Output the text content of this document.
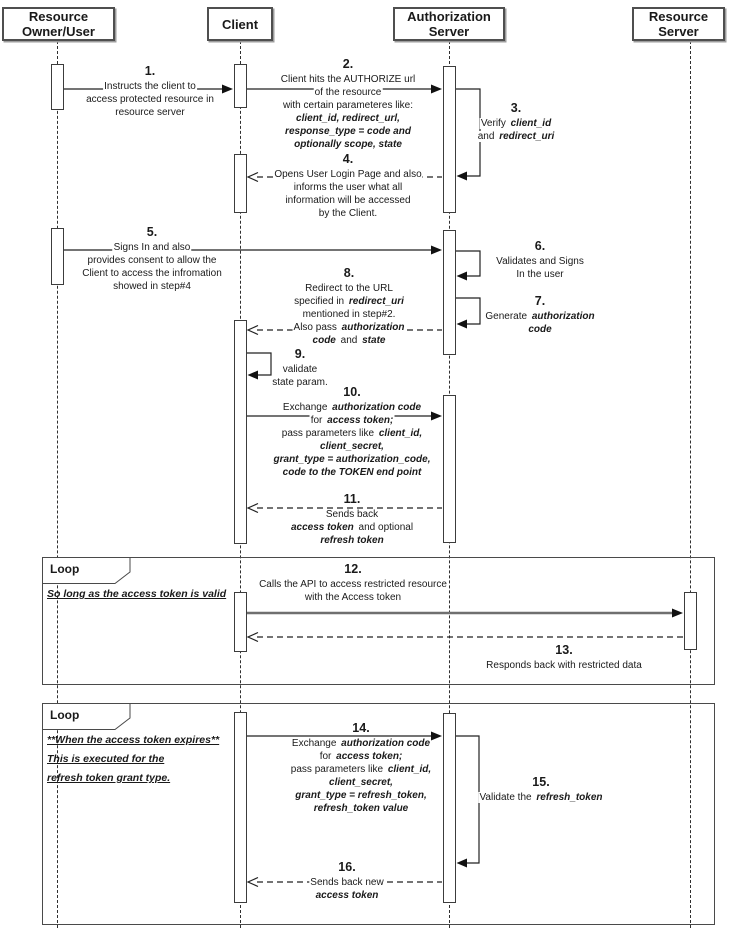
Loop
So long as the access token is valid
Loop
**When the access token expires**
This is executed for the
refresh token grant type.
1.
Instructs the client to
access protected resource in
resource server
2.
Client hits the AUTHORIZE url
of the resource
with certain parameteres like:
client_id, redirect_url,
response_type = code and
optionally scope, state
3.
Verify client_id
and redirect_uri
4.
Opens User Login Page and also
informs the user what all
information will be accessed
by the Client.
5.
Signs In and also
provides consent to allow the
Client to access the infromation
showed in step#4
6.
Validates and Signs
In the user
7.
Generate authorization
code
8.
Redirect to the URL
specified in redirect_uri
mentioned in step#2.
Also pass authorization
code and state
9.
validate
state param.
10.
Exchange authorization code
for access token;
pass parameters like client_id,
client_secret,
grant_type = authorization_code,
code to the TOKEN end point
11.
Sends back
access token and optional
refresh token
12.
Calls the API to access restricted resource
with the Access token
13.
Responds back with restricted data
14.
Exchange authorization code
for access token;
pass parameters like client_id,
client_secret,
grant_type = refresh_token,
refresh_token value
15.
Validate the refresh_token
16.
Sends back new
access token
Resource
Owner/User	Client	Authorization
Server
Resource
Server
